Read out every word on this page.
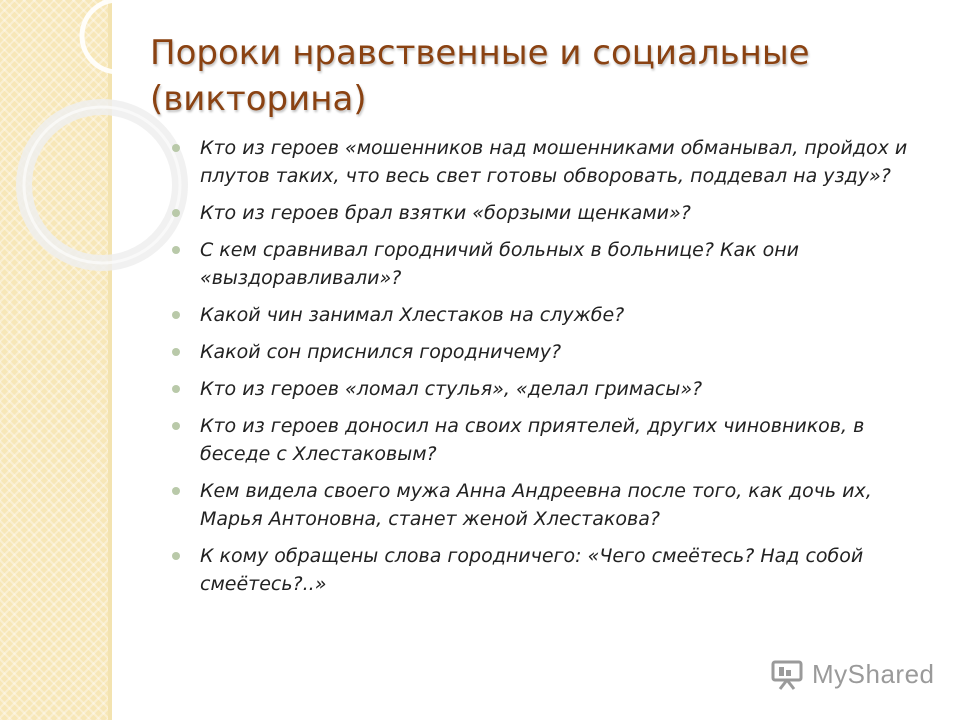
Пороки нравственные и социальные (викторина)
Кто из героев «мошенников над мошенниками обманывал, пройдох и плутов таких, что весь свет готовы обворовать, поддевал на узду»?
Кто из героев брал взятки «борзыми щенками»?
С кем сравнивал городничий больных в больнице? Как они «выздоравливали»?
Какой чин занимал Хлестаков на службе?
Какой сон приснился городничему?
Кто из героев «ломал стулья», «делал гримасы»?
Кто из героев доносил на своих приятелей, других чиновников, в беседе с Хлестаковым?
Кем видела своего мужа Анна Андреевна после того, как дочь их, Марья Антоновна, станет женой Хлестакова?
К кому обращены слова городничего: «Чего смеётесь? Над собой смеётесь?..»
MyShared
